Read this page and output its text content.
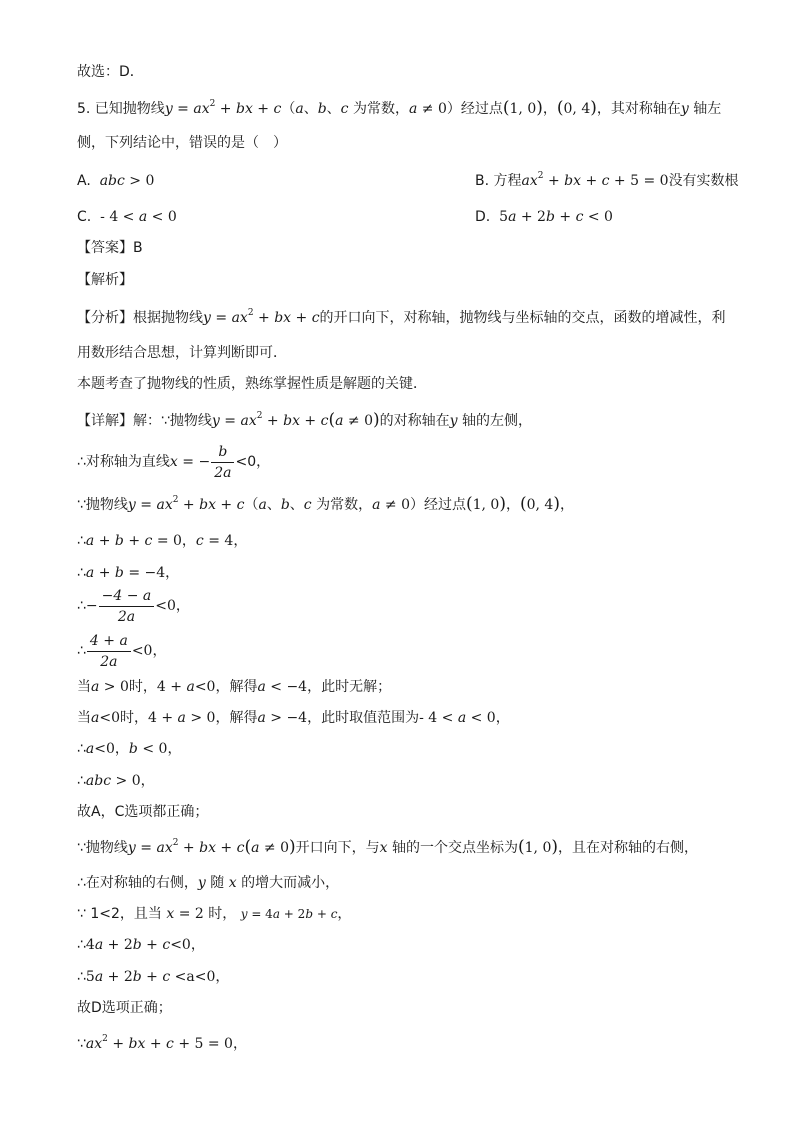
故选：D．
5. 已知抛物线$y = ax^2$ + bx + c（a、b、c 为常数，a ≠ 0）经过点(1, 0)，(0, 4)，其对称轴在y 轴左
侧，下列结论中，错误的是（　）
A. abc > 0	B. 方程$ax^2$ + bx + c + 5 = 0没有实数根
C. - 4 < a < 0	D. 5a + 2b + c < 0
【答案】B
【解析】
【分析】根据抛物线$y = ax^2$ + bx + c的开口向下，对称轴，抛物线与坐标轴的交点，函数的增减性，利
用数形结合思想，计算判断即可．
本题考查了抛物线的性质，熟练掌握性质是解题的关键．
【详解】解：∵抛物线$y = ax^2$ + bx + c(a ≠ 0)的对称轴在y 轴的左侧，
∴对称轴为直线x = − $\frac{b}{2a} <0$，
∵抛物线$y = ax^2$ + bx + c（a、b、c 为常数，a ≠ 0）经过点(1, 0)，(0, 4)，
∴a + b + c = 0，c = 4，
∴a + b = −4，
∴− $\frac{-4 - a}{2a} <0$，
∴ $\frac{4 + a}{2a} <0$，
当a > 0时，4 + a<0，解得a < −4，此时无解；
当a<0时，4 + a > 0，解得a > −4，此时取值范围为- 4 < a < 0，
∴a<0，b < 0，
∴abc > 0，
故A，C选项都正确；
∵抛物线$y = ax^2$ + bx + c(a ≠ 0)开口向下，与x 轴的一个交点坐标为(1, 0)，且在对称轴的右侧，
∴在对称轴的右侧，y 随 x 的增大而减小，
∵ 1<2，且当 x = 2 时， y = 4a + 2b + c，
∴4a + 2b + c<0，
∴5a + 2b + c <a<0，
故D选项正确；
$\because ax^2$ + bx + c + 5 = 0，
